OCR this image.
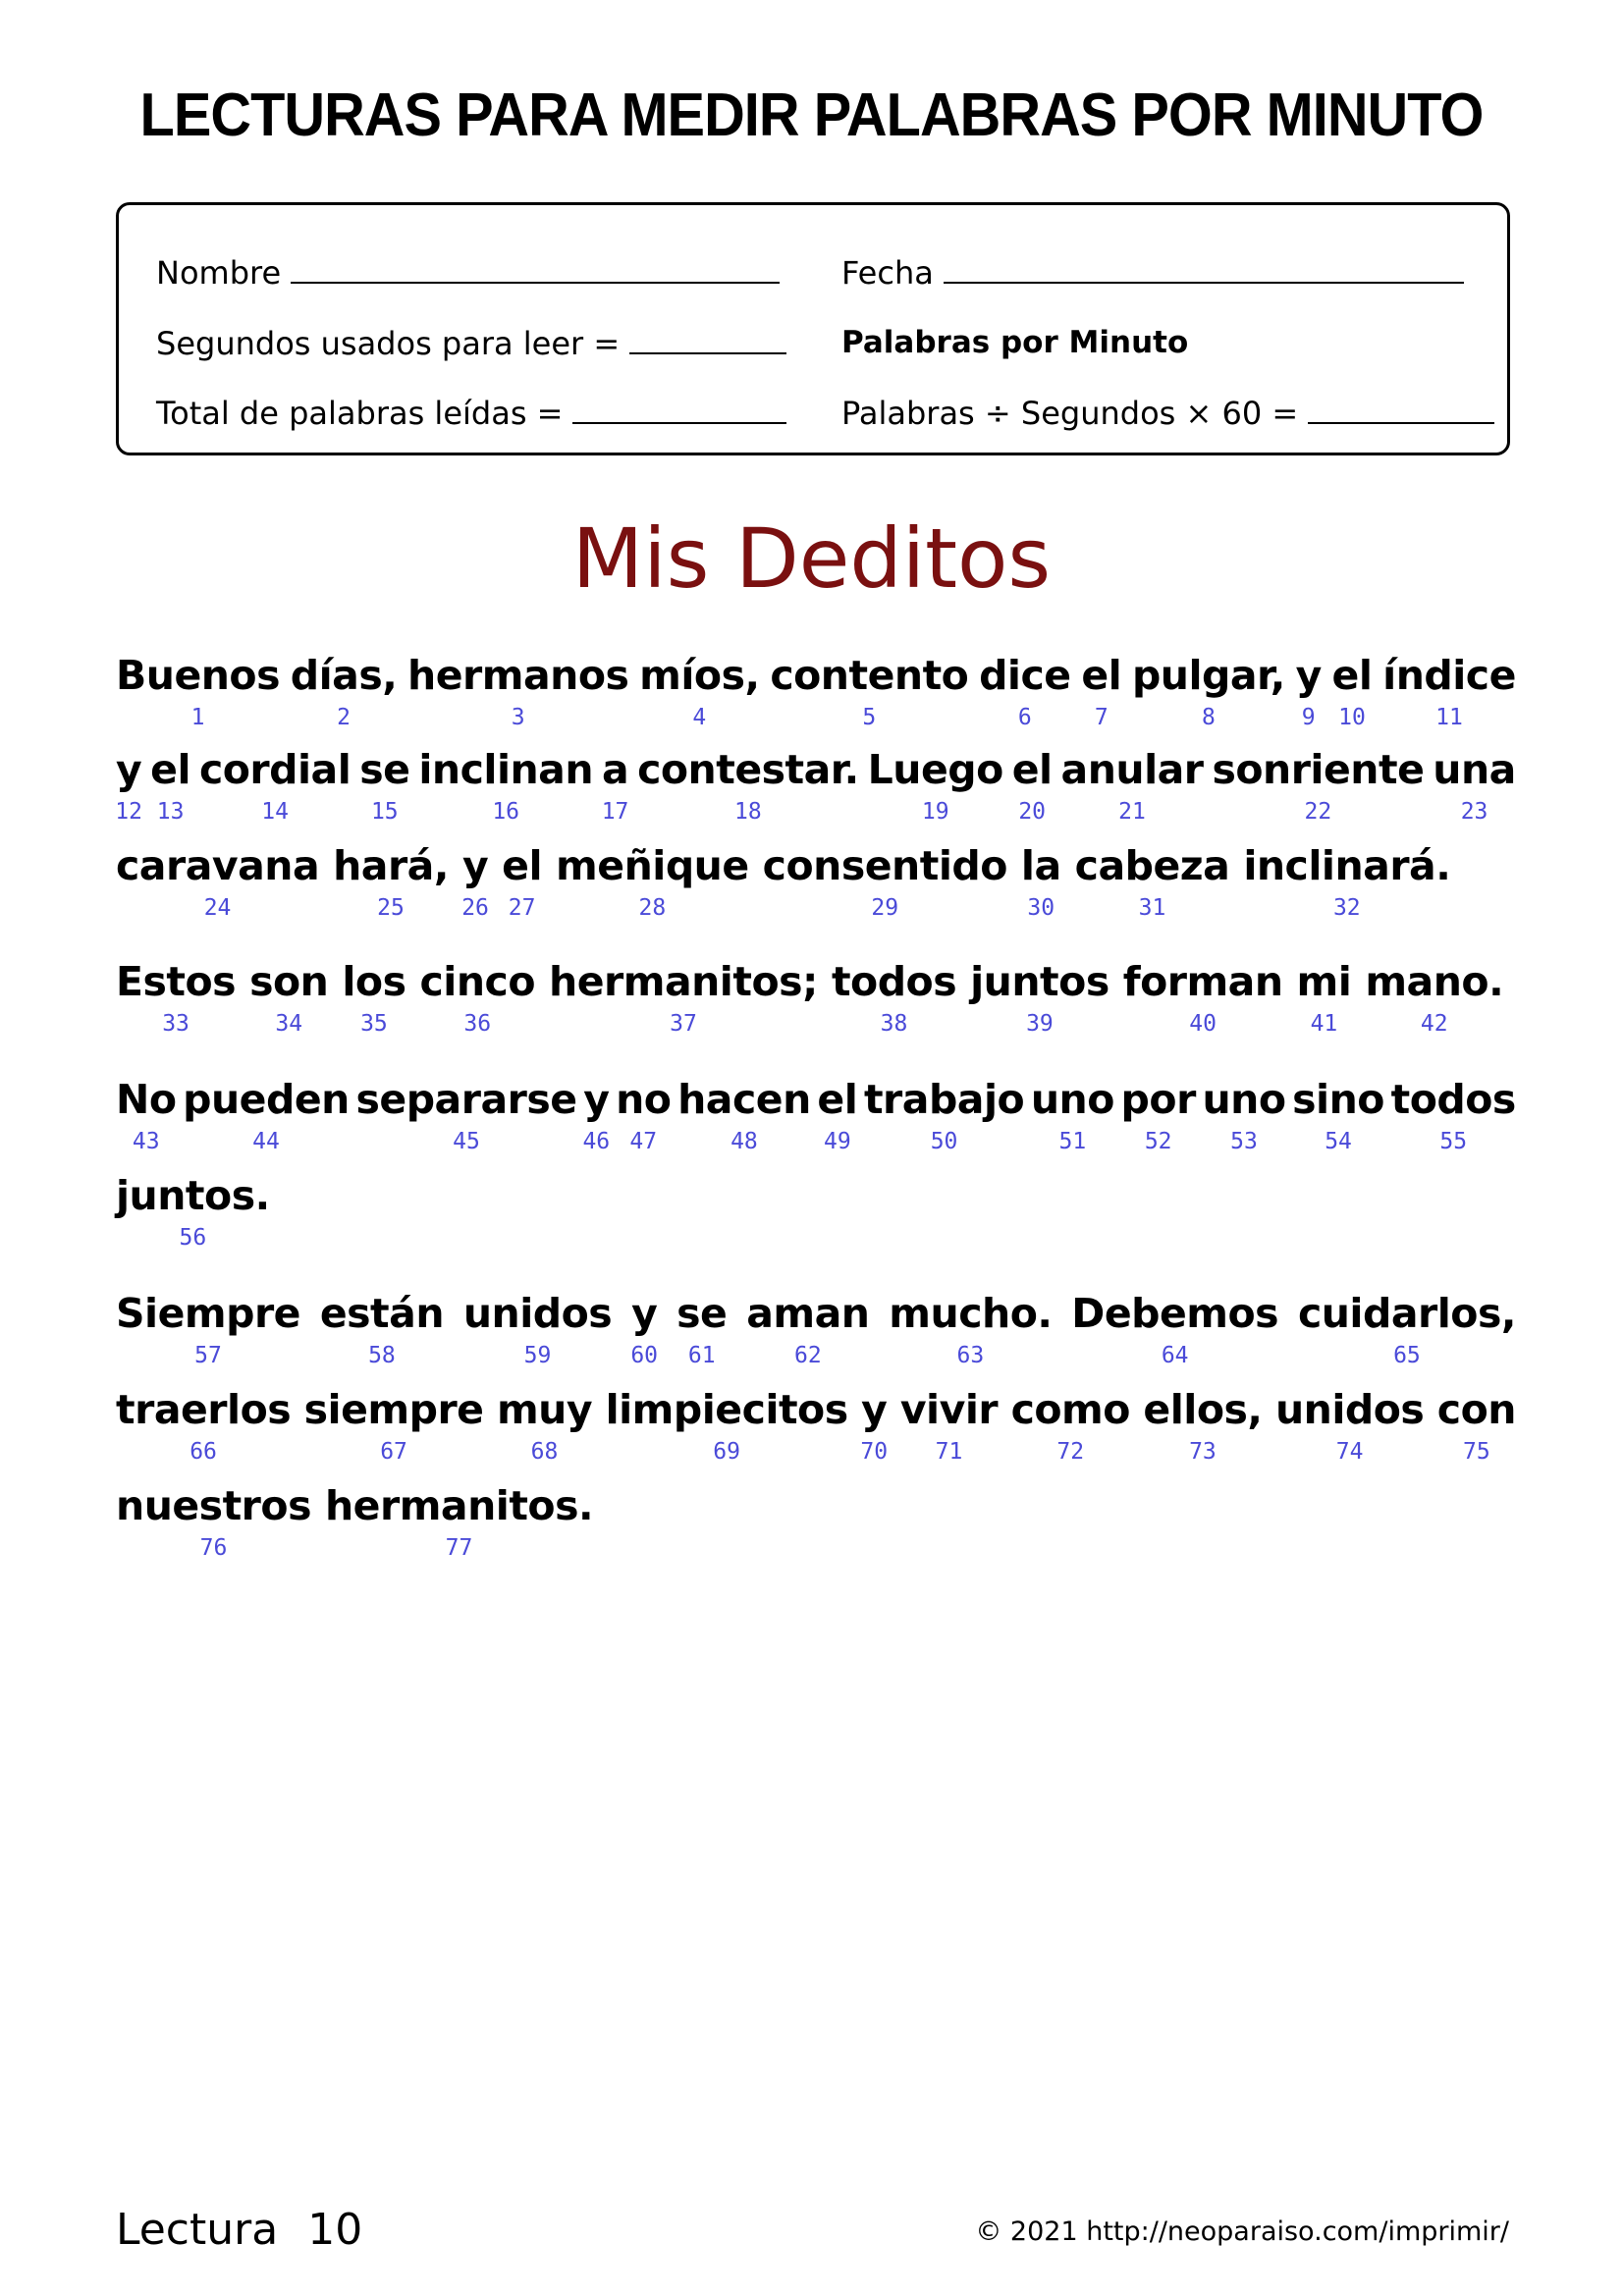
LECTURAS PARA MEDIR PALABRAS POR MINUTO
Nombre	Fecha
Segundos usados para leer =	Palabras por Minuto
Total de palabras leídas =	Palabras ÷ Segundos × 60 =
Mis Deditos
Buenos
1
días,
2
hermanos
3
míos,
4
contento
5
dice
6
el
7
pulgar,
8
y
9
el
10
índice
11
y
12
el
13
cordial
14
se
15
inclinan
16
a
17
contestar.
18
Luego
19
el
20
anular
21
sonriente
22
una
23
caravana
24
hará,
25
y
26
el
27
meñique
28
consentido
29
la
30
cabeza
31
inclinará.
32
Estos
33
son
34
los
35
cinco
36
hermanitos;
37
todos
38
juntos
39
forman
40
mi
41
mano.
42
No
43
pueden
44
separarse
45
y
46
no
47
hacen
48
el
49
trabajo
50
uno
51
por
52
uno
53
sino
54
todos
55
juntos.
56
Siempre
57
están
58
unidos
59
y
60
se
61
aman
62
mucho.
63
Debemos
64
cuidarlos,
65
traerlos
66
siempre
67
muy
68
limpiecitos
69
y
70
vivir
71
como
72
ellos,
73
unidos
74
con
75
nuestros
76
hermanitos.
77
Lectura 10	© 2021 http://neoparaiso.com/imprimir/
